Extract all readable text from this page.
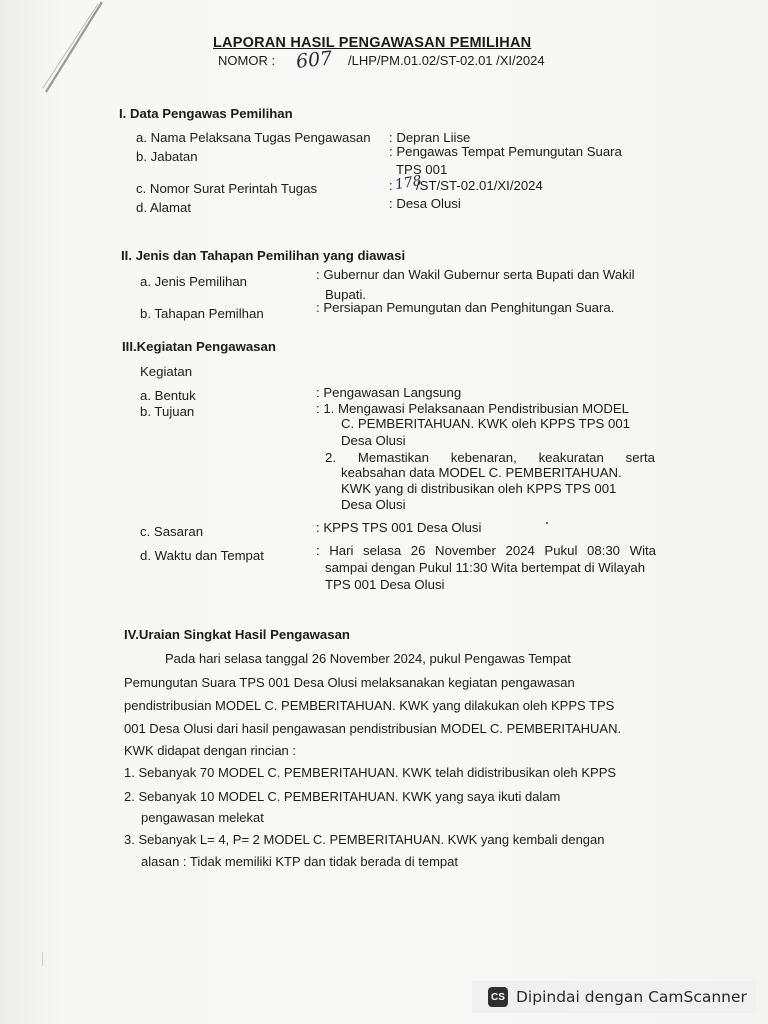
LAPORAN HASIL PENGAWASAN PEMILIHAN
NOMOR : 607 /LHP/PM.01.02/ST-02.01 /XI/2024
I. Data Pengawas Pemilihan
a. Nama Pelaksana Tugas Pengawasan : Depran Liise
b. Jabatan	: Pengawas Tempat Pemungutan Suara
TPS 001
c. Nomor Surat Perintah Tugas	: 178
/ST/ST-02.01/XI/2024
d. Alamat	: Desa Olusi
II. Jenis dan Tahapan Pemilihan yang diawasi
a. Jenis Pemilihan	: Gubernur dan Wakil Gubernur serta Bupati dan Wakil
Bupati.
b. Tahapan Pemilhan	: Persiapan Pemungutan dan Penghitungan Suara.
III.Kegiatan Pengawasan
Kegiatan
a. Bentuk	: Pengawasan Langsung
b. Tujuan	: 1. Mengawasi Pelaksanaan Pendistribusian MODEL
C. PEMBERITAHUAN. KWK oleh KPPS TPS 001
Desa Olusi
2. Memastikan kebenaran, keakuratan serta
keabsahan data MODEL C. PEMBERITAHUAN.
KWK yang di distribusikan oleh KPPS TPS 001
Desa Olusi
c. Sasaran	: KPPS TPS 001 Desa Olusi
d. Waktu dan Tempat	: Hari selasa 26 November 2024 Pukul 08:30 Wita
sampai dengan Pukul 11:30 Wita bertempat di Wilayah
TPS 001 Desa Olusi
IV.Uraian Singkat Hasil Pengawasan
Pada hari selasa tanggal 26 November 2024, pukul Pengawas Tempat
Pemungutan Suara TPS 001 Desa Olusi melaksanakan kegiatan pengawasan
pendistribusian MODEL C. PEMBERITAHUAN. KWK yang dilakukan oleh KPPS TPS
001 Desa Olusi dari hasil pengawasan pendistribusian MODEL C. PEMBERITAHUAN.
KWK didapat dengan rincian :
1. Sebanyak 70 MODEL C. PEMBERITAHUAN. KWK telah didistribusikan oleh KPPS
2. Sebanyak 10 MODEL C. PEMBERITAHUAN. KWK yang saya ikuti dalam
pengawasan melekat
3. Sebanyak L= 4, P= 2 MODEL C. PEMBERITAHUAN. KWK yang kembali dengan
alasan : Tidak memiliki KTP dan tidak berada di tempat
CS Dipindai dengan CamScanner
